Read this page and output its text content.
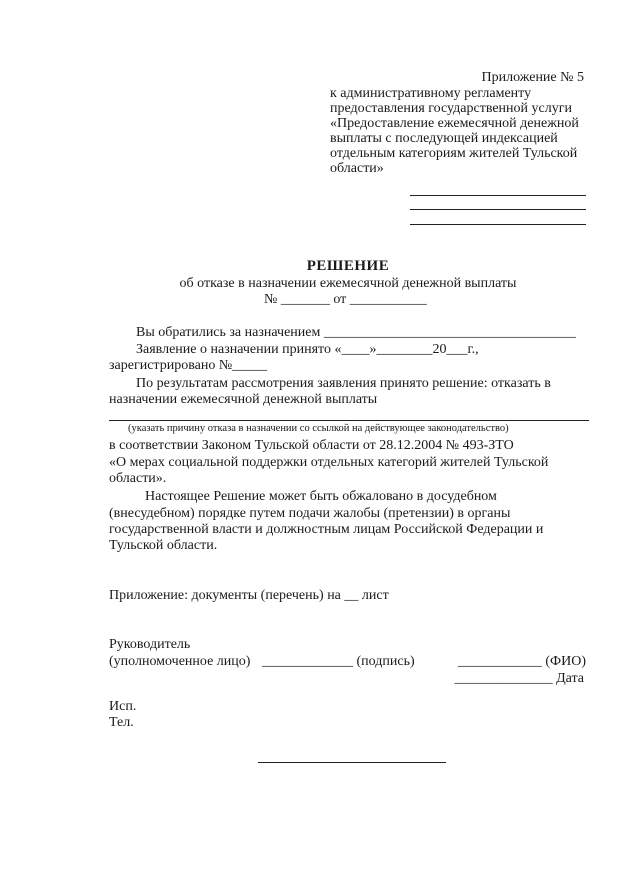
Приложение № 5
к административному регламенту
предоставления государственной услуги
«Предоставление ежемесячной денежной
выплаты с последующей индексацией
отдельным категориям жителей Тульской
области»
РЕШЕНИЕ
об отказе в назначении ежемесячной денежной выплаты
№ _______ от ___________
Вы обратились за назначением ____________________________________
Заявление о назначении принято «____»________20___г.,
зарегистрировано №_____
По результатам рассмотрения заявления принято решение: отказать в
назначении ежемесячной денежной выплаты
(указать причину отказа в назначении со ссылкой на действующее законодательство)
в соответствии Законом Тульской области от 28.12.2004 № 493-ЗТО
«О мерах социальной поддержки отдельных категорий жителей Тульской
области».
Настоящее Решение может быть обжаловано в досудебном
(внесудебном) порядке путем подачи жалобы (претензии) в органы
государственной власти и должностным лицам Российской Федерации и
Тульской области.
Приложение: документы (перечень) на __ лист
Руководитель
(уполномоченное лицо) _____________ (подпись)	____________ (ФИО)
______________ Дата
Исп.
Тел.
